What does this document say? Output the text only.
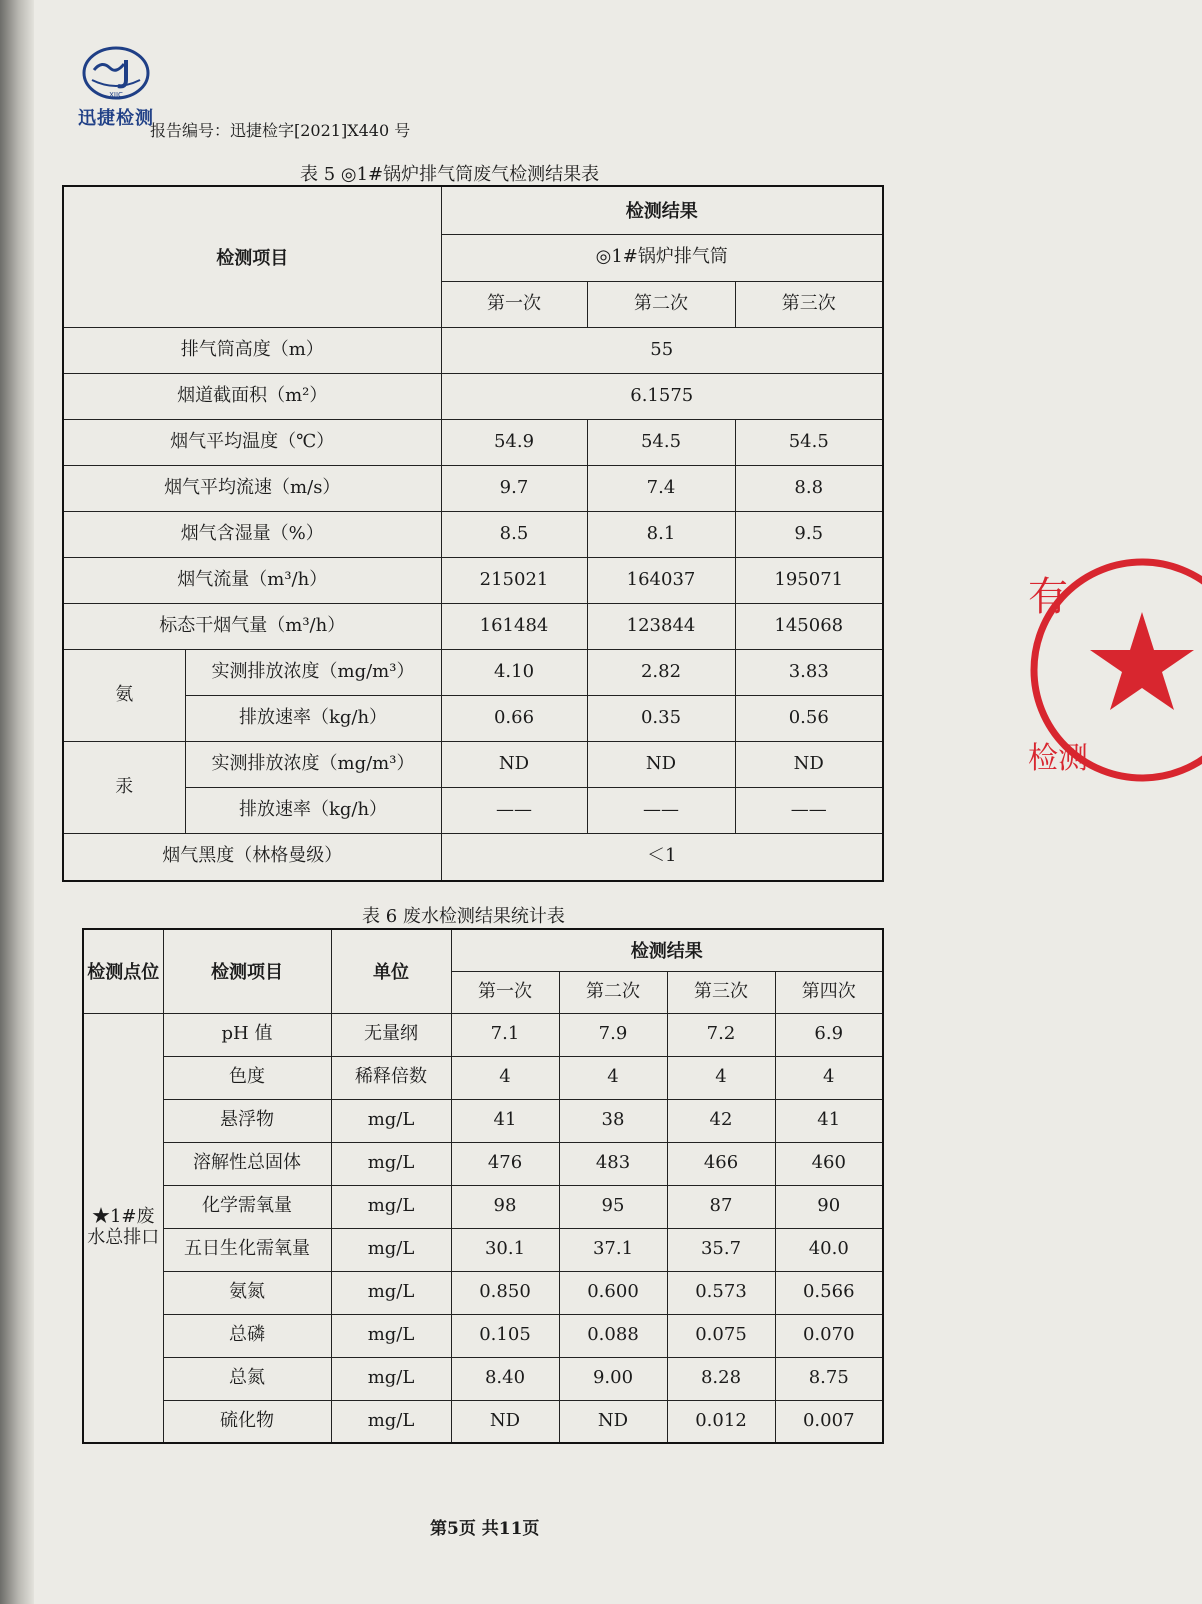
XJJC
迅捷检测
报告编号：迅捷检字[2021]X440 号
表 5 ◎1#锅炉排气筒废气检测结果表
检测项目		检测结果		
		◎1#锅炉排气筒		
		第一次	第二次	第三次
排气筒高度（m）		55		
烟道截面积（m²）		6.1575		
烟气平均温度（℃）		54.9	54.5	54.5
烟气平均流速（m/s）		9.7	7.4	8.8
烟气含湿量（%）		8.5	8.1	9.5
烟气流量（m³/h）		215021	164037	195071
标态干烟气量（m³/h）		161484	123844	145068
氨	实测排放浓度（mg/m³）	4.10	2.82	3.83
	排放速率（kg/h）	0.66	0.35	0.56
汞	实测排放浓度（mg/m³）	ND	ND	ND
	排放速率（kg/h）	——	——	——
烟气黑度（林格曼级）		＜1		
表 6 废水检测结果统计表
检测点位	检测项目	单位	检测结果			
			第一次	第二次	第三次	第四次
★1#废水总排口	pH 值	无量纲	7.1	7.9	7.2	6.9
	色度	稀释倍数	4	4	4	4
	悬浮物	mg/L	41	38	42	41
	溶解性总固体	mg/L	476	483	466	460
	化学需氧量	mg/L	98	95	87	90
	五日生化需氧量	mg/L	30.1	37.1	35.7	40.0
	氨氮	mg/L	0.850	0.600	0.573	0.566
	总磷	mg/L	0.105	0.088	0.075	0.070
	总氮	mg/L	8.40	9.00	8.28	8.75
	硫化物	mg/L	ND	ND	0.012	0.007
有
检测
第5页 共11页
